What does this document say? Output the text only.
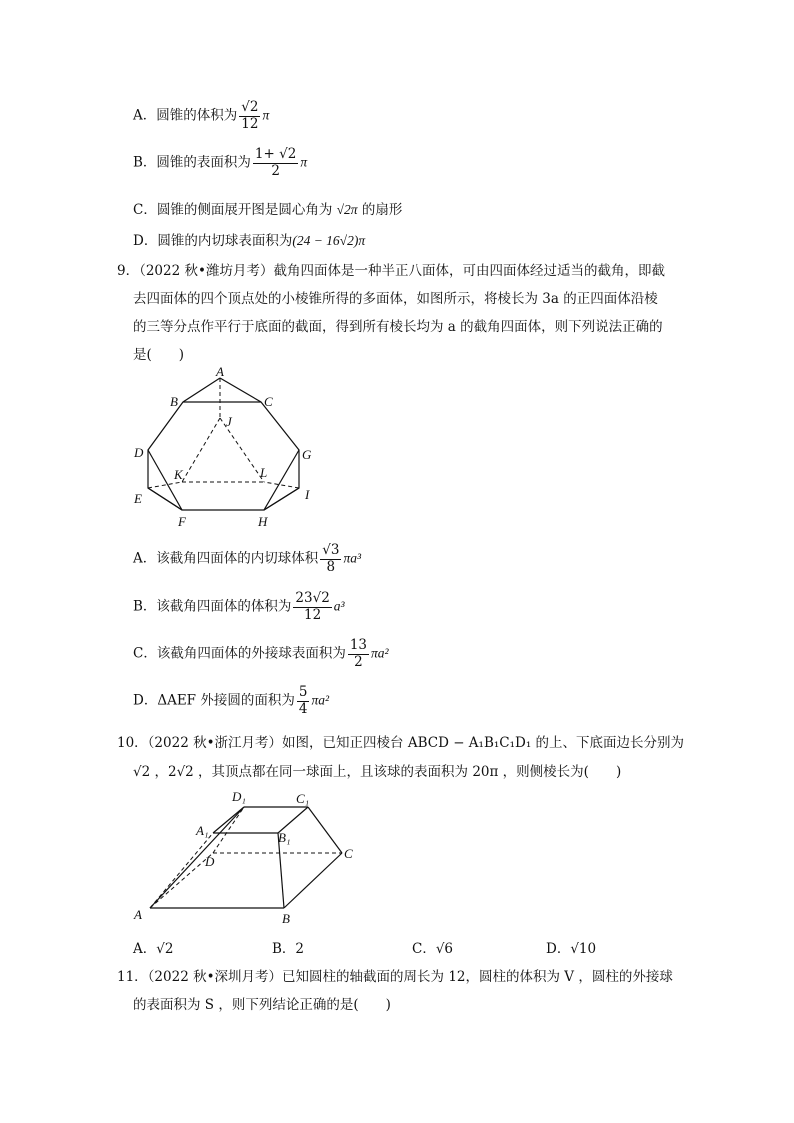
A．圆锥的体积为 $\frac{√2}{12}$ π
B．圆锥的表面积为 $\frac{1+ √2}{2}$ π
C．圆锥的侧面展开图是圆心角为 √2π 的扇形
D．圆锥的内切球表面积为(24 − 16√2)π
9．（2022 秋•潍坊月考）截角四面体是一种半正八面体，可由四面体经过适当的截角，即截
去四面体的四个顶点处的小棱锥所得的多面体，如图所示，将棱长为 3a 的正四面体沿棱
的三等分点作平行于底面的截面，得到所有棱长均为 a 的截角四面体，则下列说法正确的
是(　　)
A
B	C
J
D	G
K	L
E	I
F	H
A．该截角四面体的内切球体积 $\frac{√3}{8} \pi a^3$
B．该截角四面体的体积为 $\frac{23√2}{12} a^3$
C．该截角四面体的外接球表面积为 $\frac{13}{2} \pi a^2$
D．ΔAEF 外接圆的面积为 $\frac{5}{4} \pi a^2$
10．（2022 秋•浙江月考）如图，已知正四棱台 ABCD − A₁B₁C₁D₁ 的上、下底面边长分别为
√2 ，2√2 ，其顶点都在同一球面上，且该球的表面积为 20π ，则侧棱长为(　　)
D₁	C₁
A₁	B₁
D
C
A	B
A．√2	B．2	C．√6	D．√10
11．（2022 秋•深圳月考）已知圆柱的轴截面的周长为 12，圆柱的体积为 V ，圆柱的外接球
的表面积为 S ，则下列结论正确的是(　　)
